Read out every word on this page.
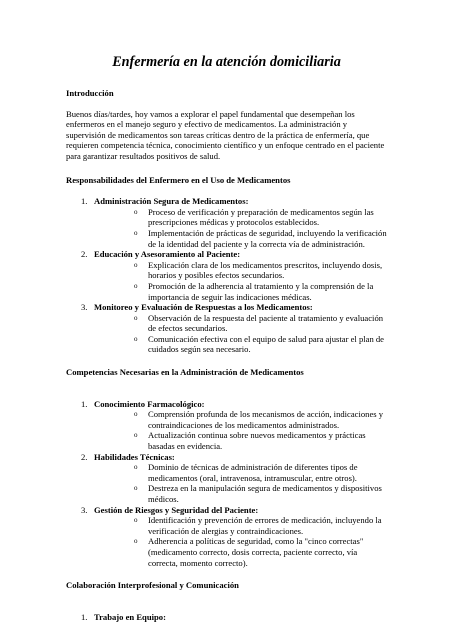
Enfermería en la atención domiciliaria
Introducción

Buenos días/tardes, hoy vamos a explorar el papel fundamental que desempeñan los enfermeros en el manejo seguro y efectivo de medicamentos. La administración y supervisión de medicamentos son tareas críticas dentro de la práctica de enfermería, que requieren competencia técnica, conocimiento científico y un enfoque centrado en el paciente para garantizar resultados positivos de salud.

Responsabilidades del Enfermero en el Uso de Medicamentos
1. Administración Segura de Medicamentos:
o Proceso de verificación y preparación de medicamentos según las prescripciones médicas y protocolos establecidos.
o Implementación de prácticas de seguridad, incluyendo la verificación de la identidad del paciente y la correcta vía de administración.
2. Educación y Asesoramiento al Paciente:
o Explicación clara de los medicamentos prescritos, incluyendo dosis, horarios y posibles efectos secundarios.
o Promoción de la adherencia al tratamiento y la comprensión de la importancia de seguir las indicaciones médicas.
3. Monitoreo y Evaluación de Respuestas a los Medicamentos:
o Observación de la respuesta del paciente al tratamiento y evaluación de efectos secundarios.
o Comunicación efectiva con el equipo de salud para ajustar el plan de cuidados según sea necesario.
Competencias Necesarias en la Administración de Medicamentos
1. Conocimiento Farmacológico:
o Comprensión profunda de los mecanismos de acción, indicaciones y contraindicaciones de los medicamentos administrados.
o Actualización continua sobre nuevos medicamentos y prácticas basadas en evidencia.
2. Habilidades Técnicas:
o Dominio de técnicas de administración de diferentes tipos de medicamentos (oral, intravenosa, intramuscular, entre otros).
o Destreza en la manipulación segura de medicamentos y dispositivos médicos.
3. Gestión de Riesgos y Seguridad del Paciente:
o Identificación y prevención de errores de medicación, incluyendo la verificación de alergias y contraindicaciones.
o Adherencia a políticas de seguridad, como la "cinco correctas" (medicamento correcto, dosis correcta, paciente correcto, vía correcta, momento correcto).
Colaboración Interprofesional y Comunicación
1. Trabajo en Equipo:
